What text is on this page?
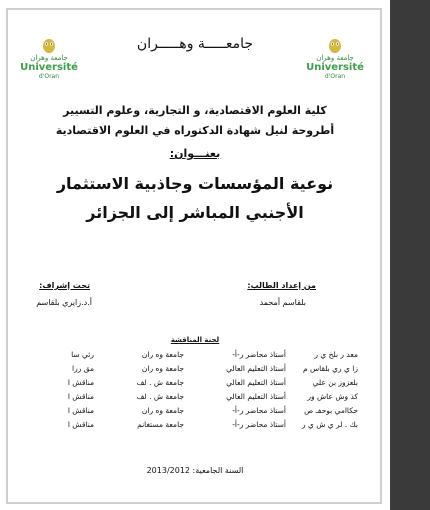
جامعة وهران
Université
d'Oran
جامعـــــة وهـــــران
جامعة وهران
Université
d'Oran
كلية العلوم الاقتصادية، و التجارية، وعلوم التسيير
أطروحة لنيل شهادة الدكتوراه في العلوم الاقتصادية
بعنـــوان:
نوعية المؤسسات وجاذبية الاستثمار
الأجنبي المباشر إلى الجزائر
من إعداد الطالب:
بلقاسم أمحمد
تحت إشراف:
أ.د.زايري بلقاسم
لجنة المناقشة
معد ر بلخ ي ر
أستاذ محاضر ر-أ-
جامعة وه ران
رئي سا
زا ي ري بلقاس م
أستاذ التعليم العالي
جامعة وه ران
مق ررا
بلعزوز بن علي
أستاذ التعليم العالي
جامعة ش . لف
مناقش ا
كذ وش عاش ور
أستاذ التعليم العالي
جامعة ش . لف
مناقش ا
حكاامي بوحفـ ص
أستاذ محاضر ر-أ-
جامعة وه ران
مناقش ا
بك . لر ي ش ي ر
أستاذ محاضر ر-أ-
جامعة مستغانم
مناقش ا
السنة الجامعية: 2013/2012
